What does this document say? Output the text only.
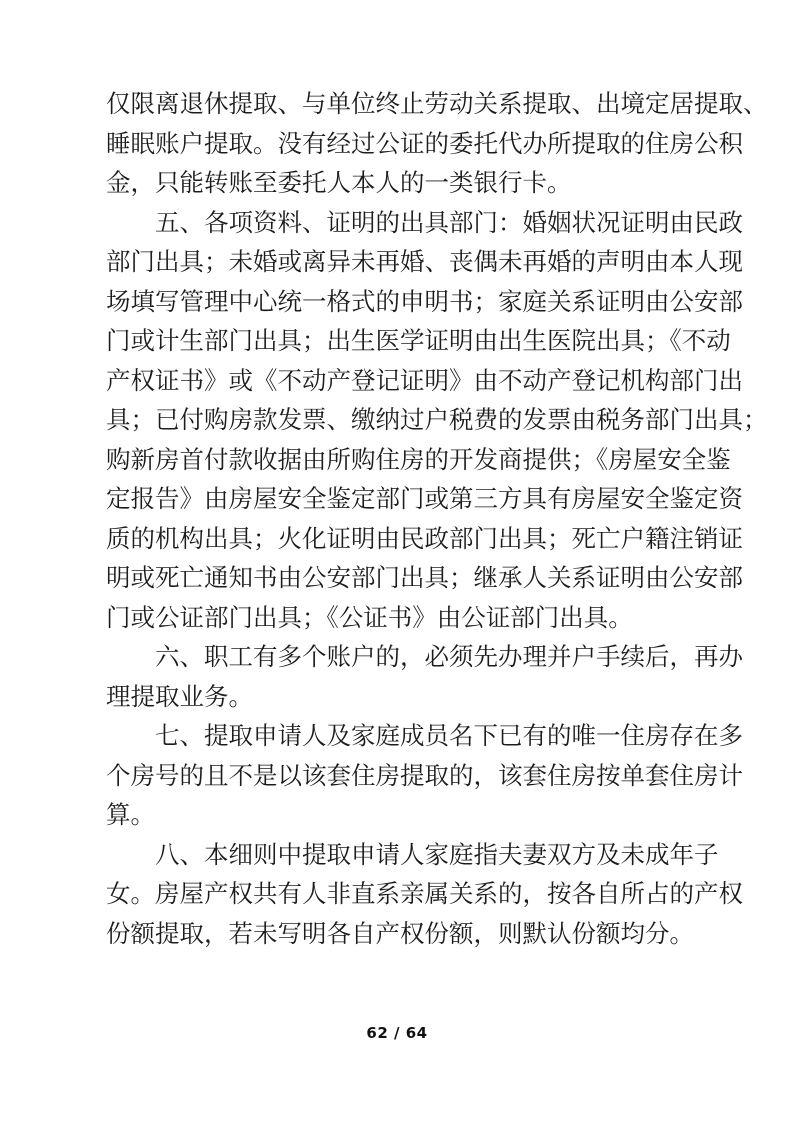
仅限离退休提取、与单位终止劳动关系提取、出境定居提取、
睡眠账户提取。没有经过公证的委托代办所提取的住房公积
金，只能转账至委托人本人的一类银行卡。
五、各项资料、证明的出具部门：婚姻状况证明由民政
部门出具；未婚或离异未再婚、丧偶未再婚的声明由本人现
场填写管理中心统一格式的申明书；家庭关系证明由公安部
门或计生部门出具；出生医学证明由出生医院出具；《不动
产权证书》或《不动产登记证明》由不动产登记机构部门出
具；已付购房款发票、缴纳过户税费的发票由税务部门出具；
购新房首付款收据由所购住房的开发商提供；《房屋安全鉴
定报告》由房屋安全鉴定部门或第三方具有房屋安全鉴定资
质的机构出具；火化证明由民政部门出具；死亡户籍注销证
明或死亡通知书由公安部门出具；继承人关系证明由公安部
门或公证部门出具；《公证书》由公证部门出具。
六、职工有多个账户的，必须先办理并户手续后，再办
理提取业务。
七、提取申请人及家庭成员名下已有的唯一住房存在多
个房号的且不是以该套住房提取的，该套住房按单套住房计
算。
八、本细则中提取申请人家庭指夫妻双方及未成年子
女。房屋产权共有人非直系亲属关系的，按各自所占的产权
份额提取，若未写明各自产权份额，则默认份额均分。
62 / 64
